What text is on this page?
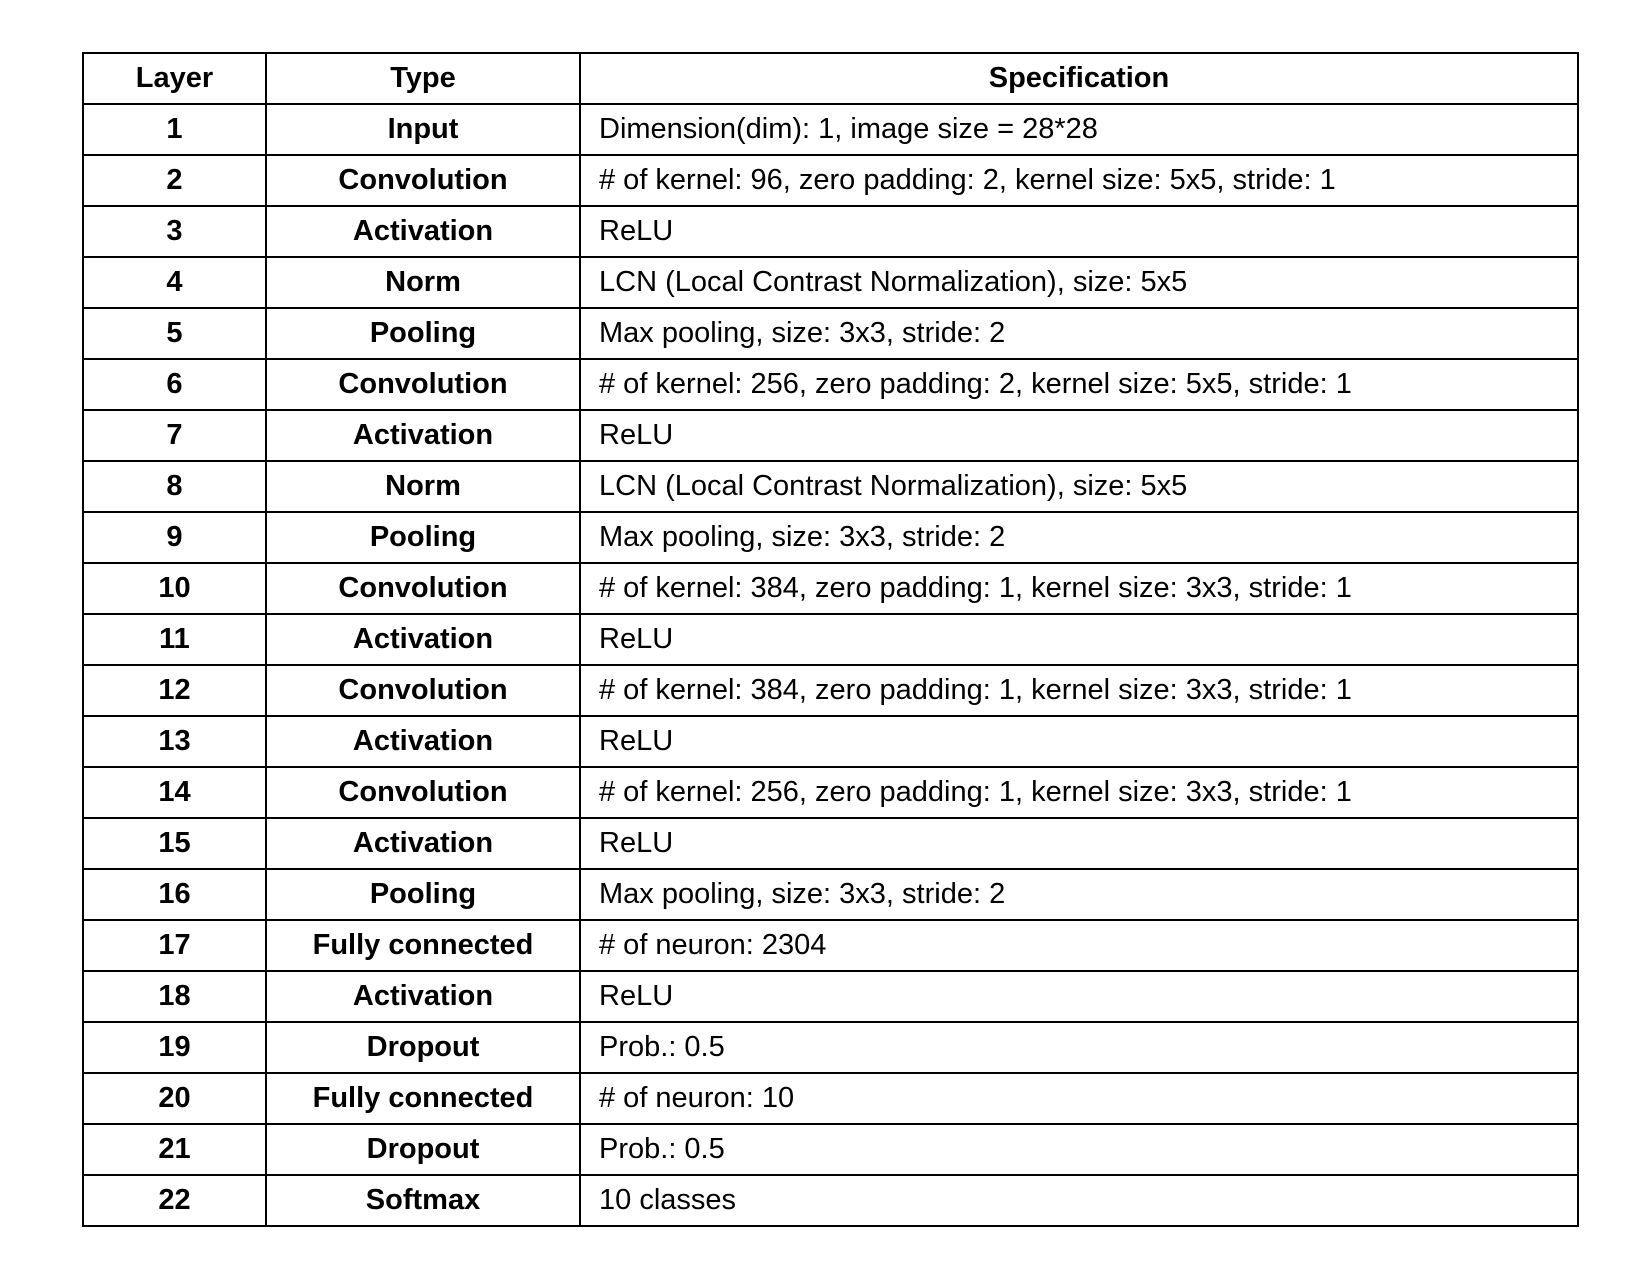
Layer	Type	Specification
1	Input	Dimension(dim): 1, image size = 28*28
2	Convolution	# of kernel: 96, zero padding: 2, kernel size: 5x5, stride: 1
3	Activation	ReLU
4	Norm	LCN (Local Contrast Normalization), size: 5x5
5	Pooling	Max pooling, size: 3x3, stride: 2
6	Convolution	# of kernel: 256, zero padding: 2, kernel size: 5x5, stride: 1
7	Activation	ReLU
8	Norm	LCN (Local Contrast Normalization), size: 5x5
9	Pooling	Max pooling, size: 3x3, stride: 2
10	Convolution	# of kernel: 384, zero padding: 1, kernel size: 3x3, stride: 1
11	Activation	ReLU
12	Convolution	# of kernel: 384, zero padding: 1, kernel size: 3x3, stride: 1
13	Activation	ReLU
14	Convolution	# of kernel: 256, zero padding: 1, kernel size: 3x3, stride: 1
15	Activation	ReLU
16	Pooling	Max pooling, size: 3x3, stride: 2
17	Fully connected	# of neuron: 2304
18	Activation	ReLU
19	Dropout	Prob.: 0.5
20	Fully connected	# of neuron: 10
21	Dropout	Prob.: 0.5
22	Softmax	10 classes
